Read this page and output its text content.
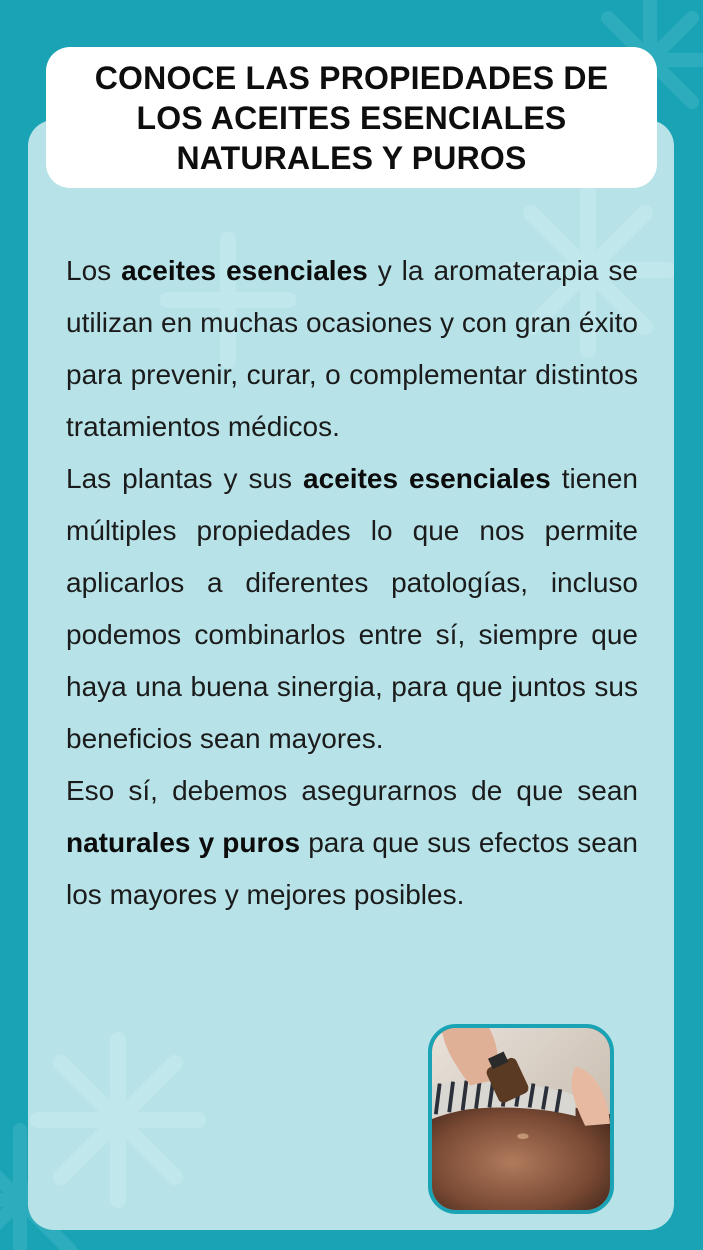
CONOCE LAS PROPIEDADES DE LOS ACEITES ESENCIALES NATURALES Y PUROS

Los aceites esenciales y la aromaterapia se utilizan en muchas ocasiones y con gran éxito para prevenir, curar, o complementar distintos tratamientos médicos.

Las plantas y sus aceites esenciales tienen múltiples propiedades lo que nos permite aplicarlos a diferentes patologías, incluso podemos combinarlos entre sí, siempre que haya una buena sinergia, para que juntos sus beneficios sean mayores.

Eso sí, debemos asegurarnos de que sean naturales y puros para que sus efectos sean los mayores y mejores posibles.
